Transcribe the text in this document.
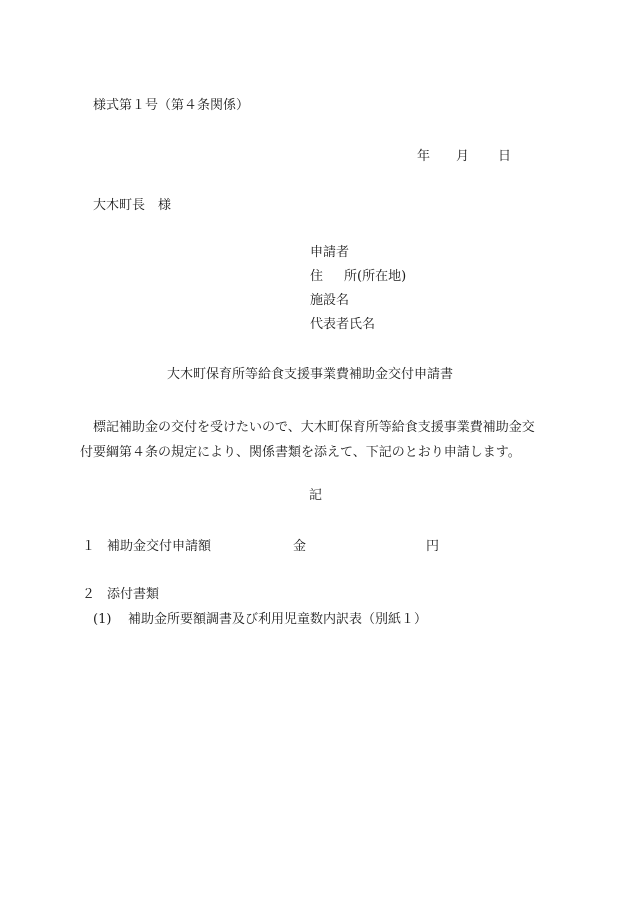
様式第１号（第４条関係）
年 月 日
大木町長　様
申請者
住 所(所在地)
施設名
代表者氏名
大木町保育所等給食支援事業費補助金交付申請書
標記補助金の交付を受けたいので、大木町保育所等給食支援事業費補助金交
付要綱第４条の規定により、関係書類を添えて、下記のとおり申請します。
記
１ 補助金交付申請額	金	円
２ 添付書類
(1) 補助金所要額調書及び利用児童数内訳表（別紙１）
